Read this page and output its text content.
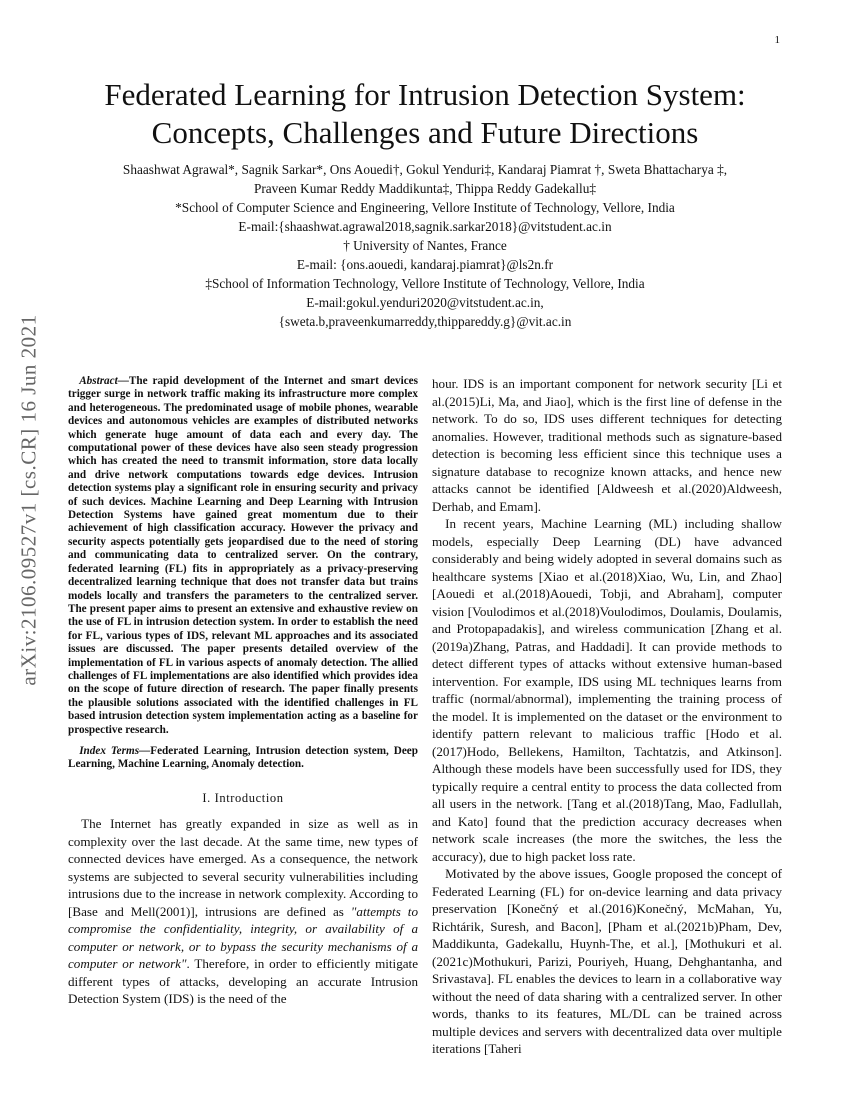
1
arXiv:2106.09527v1 [cs.CR] 16 Jun 2021
Federated Learning for Intrusion Detection System:
Concepts, Challenges and Future Directions
Shaashwat Agrawal*, Sagnik Sarkar*, Ons Aouedi†, Gokul Yenduri‡, Kandaraj Piamrat †, Sweta Bhattacharya ‡,
Praveen Kumar Reddy Maddikunta‡, Thippa Reddy Gadekallu‡
*School of Computer Science and Engineering, Vellore Institute of Technology, Vellore, India
E-mail:{shaashwat.agrawal2018,sagnik.sarkar2018}@vitstudent.ac.in
† University of Nantes, France
E-mail: {ons.aouedi, kandaraj.piamrat}@ls2n.fr
‡School of Information Technology, Vellore Institute of Technology, Vellore, India
E-mail:gokul.yenduri2020@vitstudent.ac.in,
{sweta.b,praveenkumarreddy,thippareddy.g}@vit.ac.in

Abstract—The rapid development of the Internet and smart devices trigger surge in network traffic making its infrastructure more complex and heterogeneous. The predominated usage of mobile phones, wearable devices and autonomous vehicles are examples of distributed networks which generate huge amount of data each and every day. The computational power of these devices have also seen steady progression which has created the need to transmit information, store data locally and drive network computations towards edge devices. Intrusion detection systems play a significant role in ensuring security and privacy of such devices. Machine Learning and Deep Learning with Intrusion Detection Systems have gained great momentum due to their achievement of high classification accuracy. However the privacy and security aspects potentially gets jeopardised due to the need of storing and communicating data to centralized server. On the contrary, federated learning (FL) fits in appropriately as a privacy-preserving decentralized learning technique that does not transfer data but trains models locally and transfers the parameters to the centralized server. The present paper aims to present an extensive and exhaustive review on the use of FL in intrusion detection system. In order to establish the need for FL, various types of IDS, relevant ML approaches and its associated issues are discussed. The paper presents detailed overview of the implementation of FL in various aspects of anomaly detection. The allied challenges of FL implementations are also identified which provides idea on the scope of future direction of research. The paper finally presents the plausible solutions associated with the identified challenges in FL based intrusion detection system implementation acting as a baseline for prospective research.

Index Terms—Federated Learning, Intrusion detection system, Deep Learning, Machine Learning, Anomaly detection.

I. Introduction

The Internet has greatly expanded in size as well as in complexity over the last decade. At the same time, new types of connected devices have emerged. As a consequence, the network systems are subjected to several security vulnerabilities including intrusions due to the increase in network complexity. According to [Base and Mell(2001)], intrusions are defined as "attempts to compromise the confidentiality, integrity, or availability of a computer or network, or to bypass the security mechanisms of a computer or network". Therefore, in order to efficiently mitigate different types of attacks, developing an accurate Intrusion Detection System (IDS) is the need of the

hour. IDS is an important component for network security [Li et al.(2015)Li, Ma, and Jiao], which is the first line of defense in the network. To do so, IDS uses different techniques for detecting anomalies. However, traditional methods such as signature-based detection is becoming less efficient since this technique uses a signature database to recognize known attacks, and hence new attacks cannot be identified [Aldweesh et al.(2020)Aldweesh, Derhab, and Emam].

In recent years, Machine Learning (ML) including shallow models, especially Deep Learning (DL) have advanced considerably and being widely adopted in several domains such as healthcare systems [Xiao et al.(2018)Xiao, Wu, Lin, and Zhao] [Aouedi et al.(2018)Aouedi, Tobji, and Abraham], computer vision [Voulodimos et al.(2018)Voulodimos, Doulamis, Doulamis, and Protopapadakis], and wireless communication [Zhang et al.(2019a)Zhang, Patras, and Haddadi]. It can provide methods to detect different types of attacks without extensive human-based intervention. For example, IDS using ML techniques learns from traffic (normal/abnormal), implementing the training process of the model. It is implemented on the dataset or the environment to identify pattern relevant to malicious traffic [Hodo et al.(2017)Hodo, Bellekens, Hamilton, Tachtatzis, and Atkinson]. Although these models have been successfully used for IDS, they typically require a central entity to process the data collected from all users in the network. [Tang et al.(2018)Tang, Mao, Fadlullah, and Kato] found that the prediction accuracy decreases when network scale increases (the more the switches, the less the accuracy), due to high packet loss rate.

Motivated by the above issues, Google proposed the concept of Federated Learning (FL) for on-device learning and data privacy preservation [Konečný et al.(2016)Konečný, McMahan, Yu, Richtárik, Suresh, and Bacon], [Pham et al.(2021b)Pham, Dev, Maddikunta, Gadekallu, Huynh-The, et al.], [Mothukuri et al.(2021c)Mothukuri, Parizi, Pouriyeh, Huang, Dehghantanha, and Srivastava]. FL enables the devices to learn in a collaborative way without the need of data sharing with a centralized server. In other words, thanks to its features, ML/DL can be trained across multiple devices and servers with decentralized data over multiple iterations [Taheri
